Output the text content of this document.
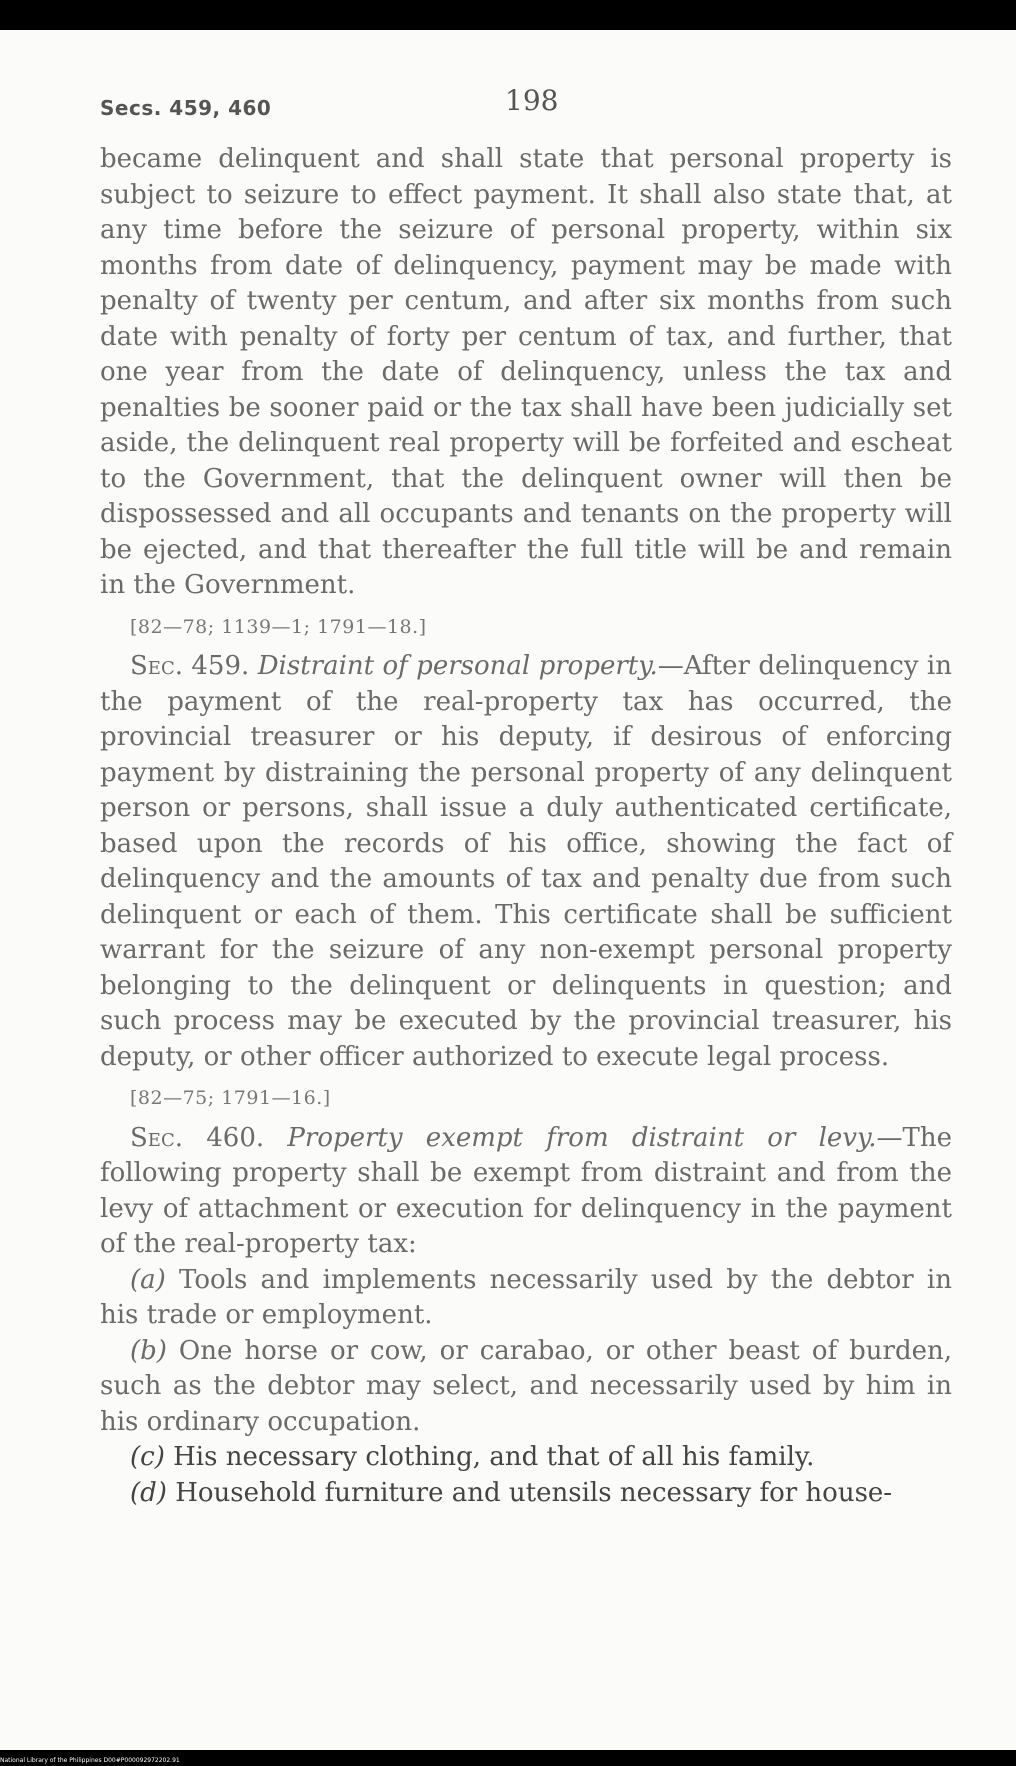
Secs. 459, 460	198

became delinquent and shall state that personal property is subject to seizure to effect payment. It shall also state that, at any time before the seizure of personal property, within six months from date of delinquency, payment may be made with penalty of twenty per centum, and after six months from such date with penalty of forty per centum of tax, and further, that one year from the date of delinquency, unless the tax and penalties be sooner paid or the tax shall have been judicially set aside, the delinquent real property will be forfeited and escheat to the Government, that the delinquent owner will then be dispossessed and all occupants and tenants on the property will be ejected, and that thereafter the full title will be and remain in the Government.

[82—78; 1139—1; 1791—18.]

Sec. 459. Distraint of personal property.—After delinquency in the payment of the real-property tax has occurred, the provincial treasurer or his deputy, if desirous of enforcing payment by distraining the personal property of any delinquent person or persons, shall issue a duly authenticated certificate, based upon the records of his office, showing the fact of delinquency and the amounts of tax and penalty due from such delinquent or each of them. This certificate shall be sufficient warrant for the seizure of any non-exempt personal property belonging to the delinquent or delinquents in question; and such process may be executed by the provincial treasurer, his deputy, or other officer authorized to execute legal process.

[82—75; 1791—16.]

Sec. 460. Property exempt from distraint or levy.—The following property shall be exempt from distraint and from the levy of attachment or execution for delinquency in the payment of the real-property tax:

(a) Tools and implements necessarily used by the debtor in his trade or employment.

(b) One horse or cow, or carabao, or other beast of burden, such as the debtor may select, and necessarily used by him in his ordinary occupation.

(c) His necessary clothing, and that of all his family.

(d) Household furniture and utensils necessary for house-

National Library of the Philippines D00#P000092972202.91
